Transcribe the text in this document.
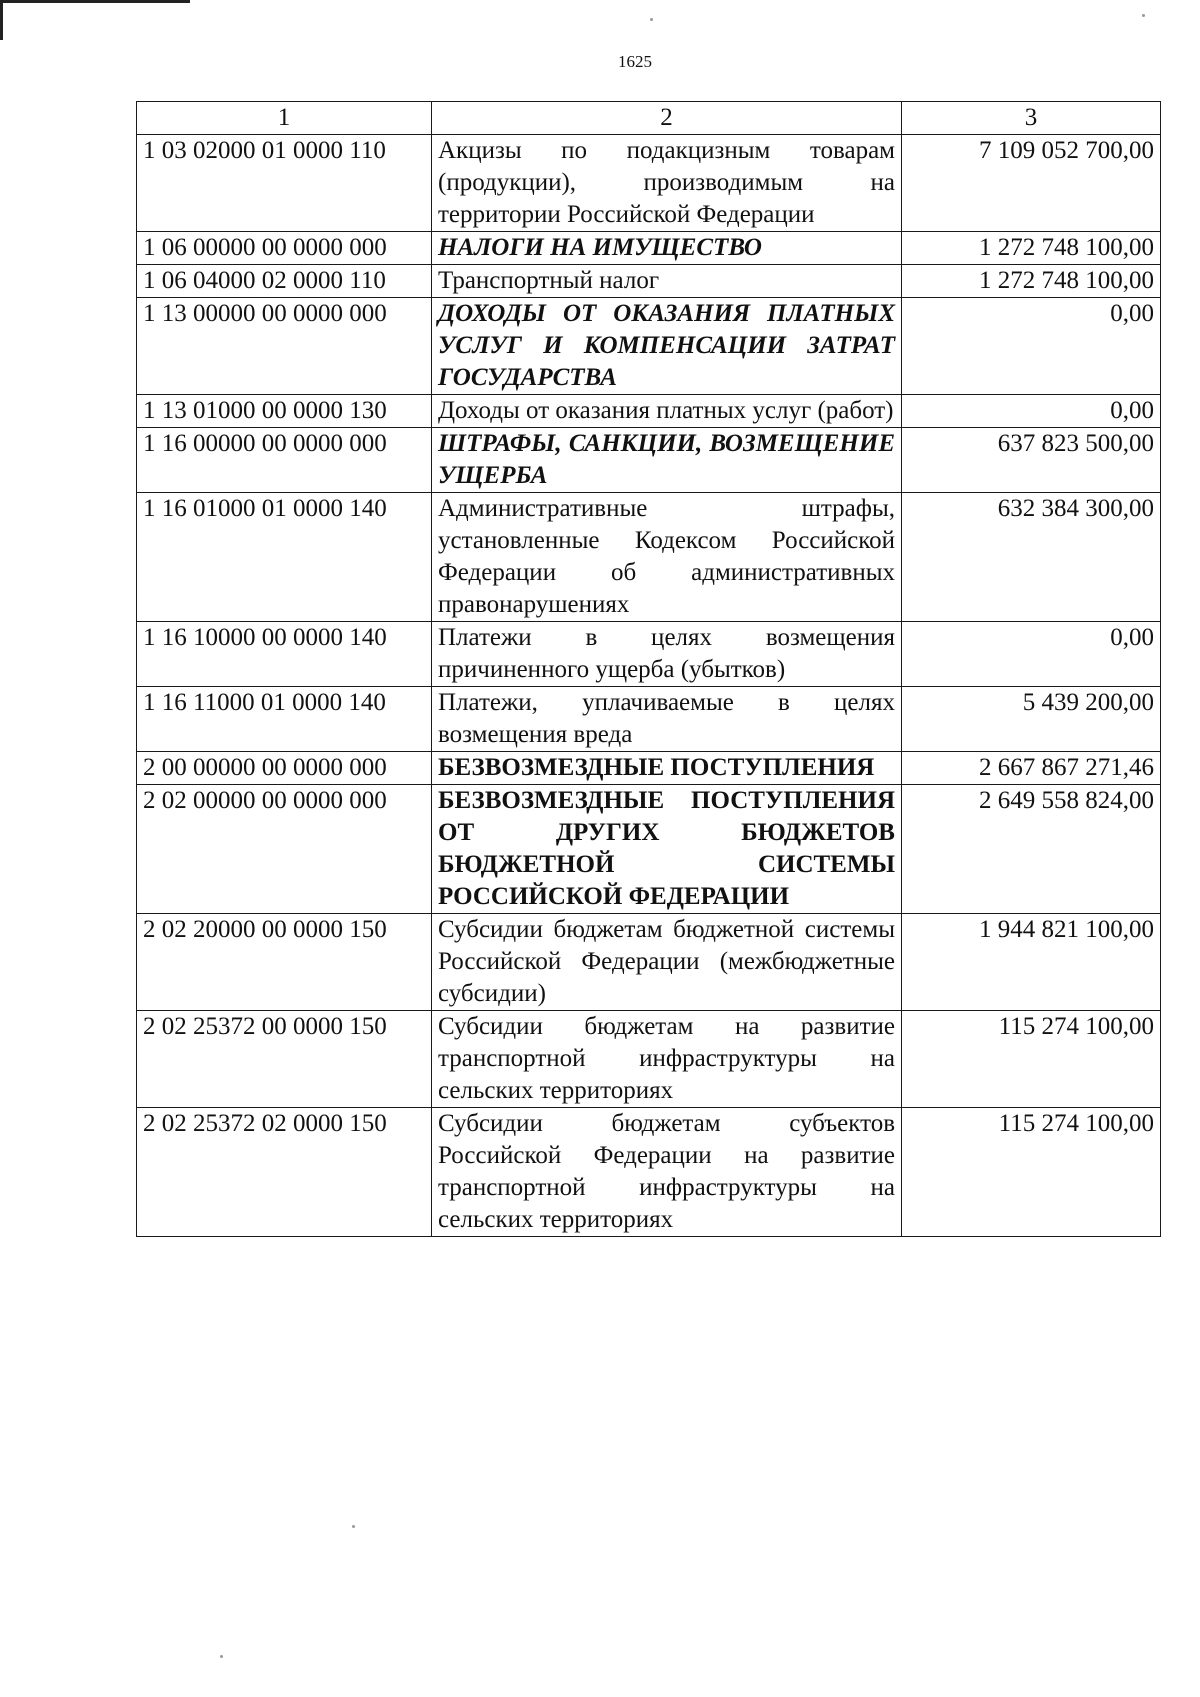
1625
1	2	3
1 03 02000 01 0000 110	Акцизы по подакцизным товарам (продукции), производимым на территории Российской Федерации	7 109 052 700,00
1 06 00000 00 0000 000	НАЛОГИ НА ИМУЩЕСТВО	1 272 748 100,00
1 06 04000 02 0000 110	Транспортный налог	1 272 748 100,00
1 13 00000 00 0000 000	ДОХОДЫ ОТ ОКАЗАНИЯ ПЛАТНЫХ УСЛУГ И КОМПЕНСАЦИИ ЗАТРАТ ГОСУДАРСТВА	0,00
1 13 01000 00 0000 130	Доходы от оказания платных услуг (работ)	0,00
1 16 00000 00 0000 000	ШТРАФЫ, САНКЦИИ, ВОЗМЕЩЕНИЕ УЩЕРБА	637 823 500,00
1 16 01000 01 0000 140	Административные штрафы, установленные Кодексом Российской Федерации об административных правонарушениях	632 384 300,00
1 16 10000 00 0000 140	Платежи в целях возмещения причиненного ущерба (убытков)	0,00
1 16 11000 01 0000 140	Платежи, уплачиваемые в целях возмещения вреда	5 439 200,00
2 00 00000 00 0000 000	БЕЗВОЗМЕЗДНЫЕ ПОСТУПЛЕНИЯ	2 667 867 271,46
2 02 00000 00 0000 000	БЕЗВОЗМЕЗДНЫЕ ПОСТУПЛЕНИЯ ОТ ДРУГИХ БЮДЖЕТОВ БЮДЖЕТНОЙ СИСТЕМЫ РОССИЙСКОЙ ФЕДЕРАЦИИ	2 649 558 824,00
2 02 20000 00 0000 150	Субсидии бюджетам бюджетной системы Российской Федерации (межбюджетные субсидии)	1 944 821 100,00
2 02 25372 00 0000 150	Субсидии бюджетам на развитие транспортной инфраструктуры на сельских территориях	115 274 100,00
2 02 25372 02 0000 150	Субсидии бюджетам субъектов Российской Федерации на развитие транспортной инфраструктуры на сельских территориях	115 274 100,00
